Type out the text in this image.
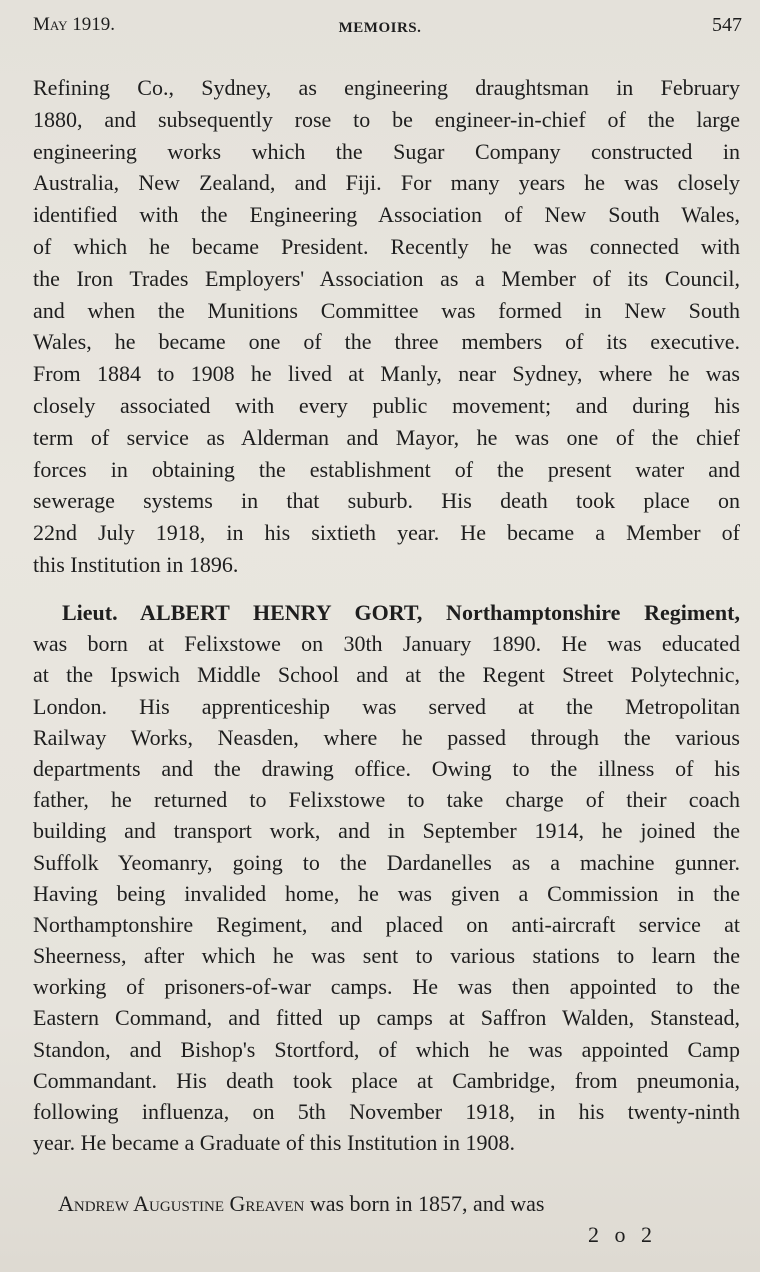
May 1919.	MEMOIRS.	547
Refining Co., Sydney, as engineering draughtsman in February
1880, and subsequently rose to be engineer-in-chief of the large
engineering works which the Sugar Company constructed in
Australia, New Zealand, and Fiji. For many years he was closely
identified with the Engineering Association of New South Wales,
of which he became President. Recently he was connected with
the Iron Trades Employers' Association as a Member of its Council,
and when the Munitions Committee was formed in New South
Wales, he became one of the three members of its executive.
From 1884 to 1908 he lived at Manly, near Sydney, where he was
closely associated with every public movement; and during his
term of service as Alderman and Mayor, he was one of the chief
forces in obtaining the establishment of the present water and
sewerage systems in that suburb. His death took place on
22nd July 1918, in his sixtieth year. He became a Member of
this Institution in 1896.
Lieut. ALBERT HENRY GORT, Northamptonshire Regiment,
was born at Felixstowe on 30th January 1890. He was educated
at the Ipswich Middle School and at the Regent Street Polytechnic,
London. His apprenticeship was served at the Metropolitan
Railway Works, Neasden, where he passed through the various
departments and the drawing office. Owing to the illness of his
father, he returned to Felixstowe to take charge of their coach
building and transport work, and in September 1914, he joined the
Suffolk Yeomanry, going to the Dardanelles as a machine gunner.
Having being invalided home, he was given a Commission in the
Northamptonshire Regiment, and placed on anti-aircraft service at
Sheerness, after which he was sent to various stations to learn the
working of prisoners-of-war camps. He was then appointed to the
Eastern Command, and fitted up camps at Saffron Walden, Stanstead,
Standon, and Bishop's Stortford, of which he was appointed Camp
Commandant. His death took place at Cambridge, from pneumonia,
following influenza, on 5th November 1918, in his twenty-ninth
year. He became a Graduate of this Institution in 1908.
Andrew Augustine Greaven was born in 1857, and was
2 o 2
